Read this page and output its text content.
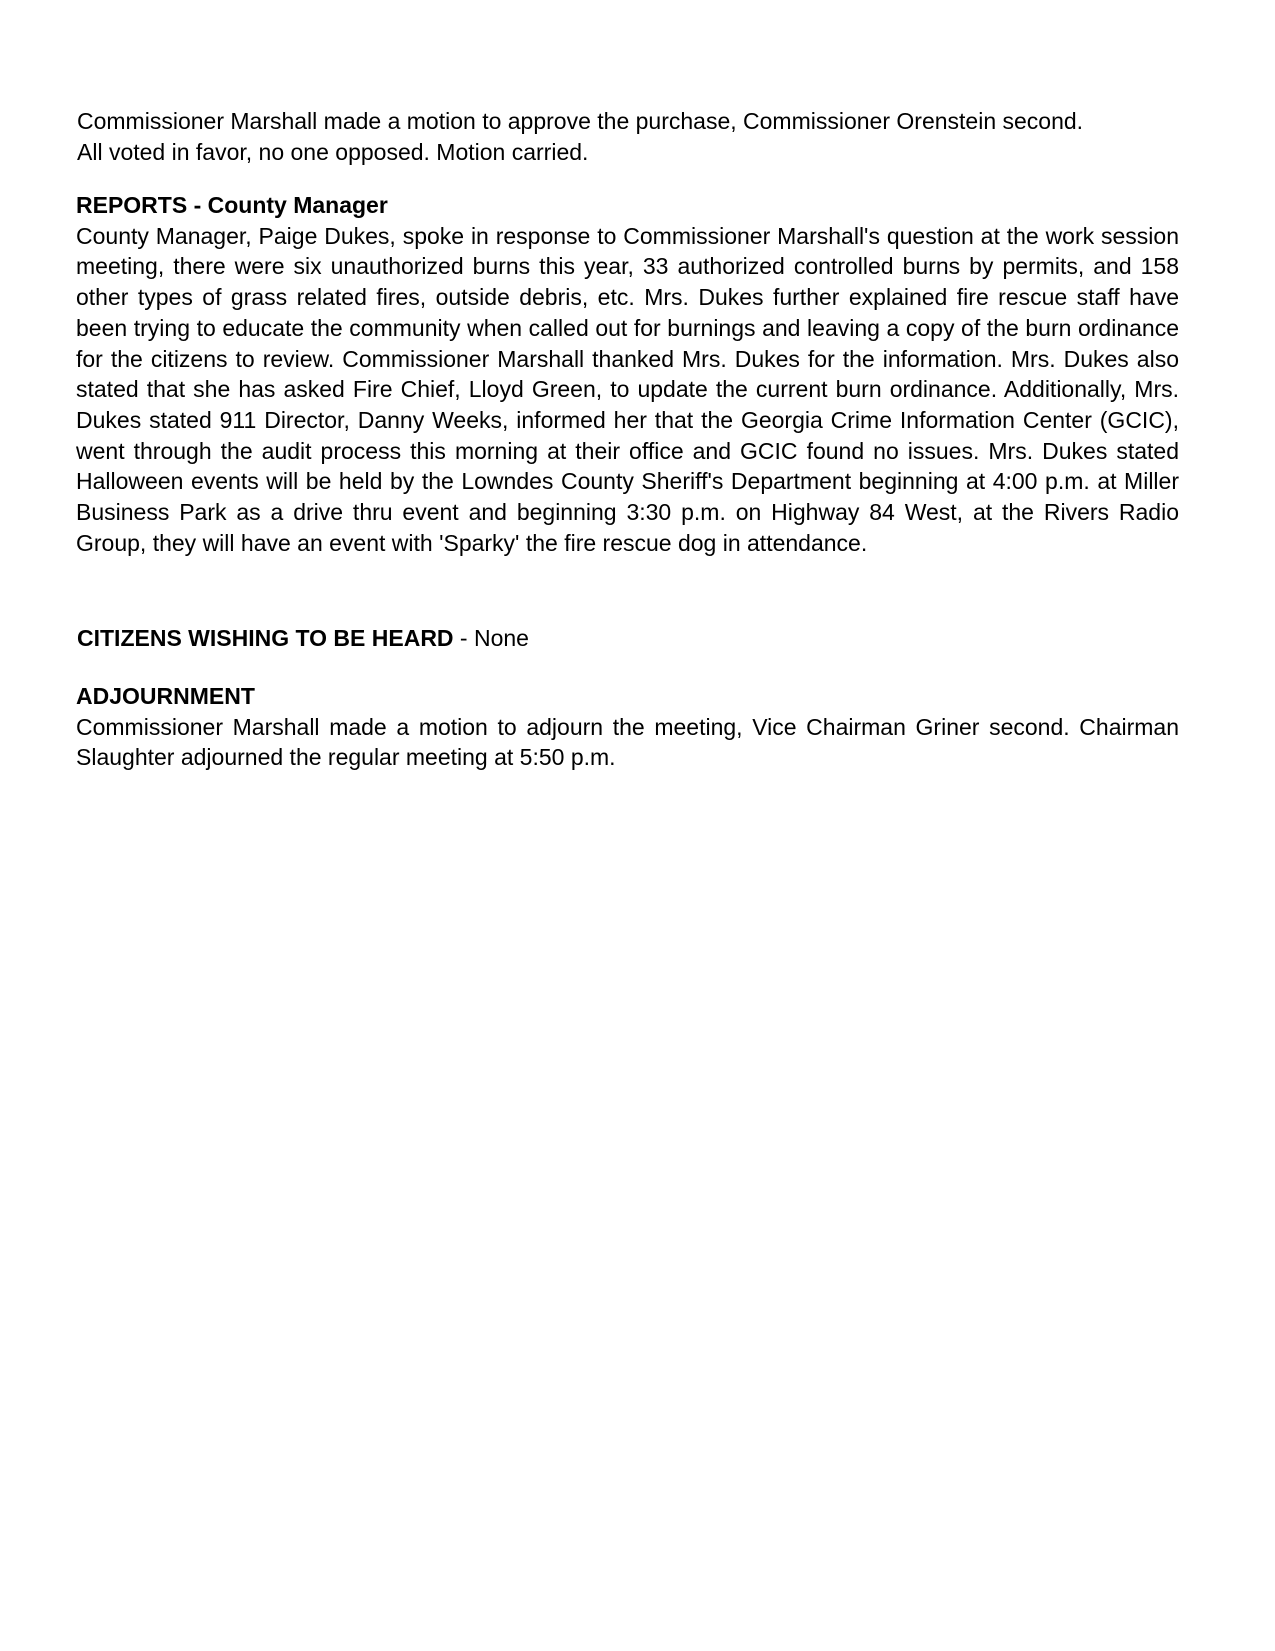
Commissioner Marshall made a motion to approve the purchase, Commissioner Orenstein second.

All voted in favor, no one opposed. Motion carried.

REPORTS - County Manager

County Manager, Paige Dukes, spoke in response to Commissioner Marshall's question at the work session meeting, there were six unauthorized burns this year, 33 authorized controlled burns by permits, and 158 other types of grass related fires, outside debris, etc. Mrs. Dukes further explained fire rescue staff have been trying to educate the community when called out for burnings and leaving a copy of the burn ordinance for the citizens to review. Commissioner Marshall thanked Mrs. Dukes for the information. Mrs. Dukes also stated that she has asked Fire Chief, Lloyd Green, to update the current burn ordinance. Additionally, Mrs. Dukes stated 911 Director, Danny Weeks, informed her that the Georgia Crime Information Center (GCIC), went through the audit process this morning at their office and GCIC found no issues. Mrs. Dukes stated Halloween events will be held by the Lowndes County Sheriff's Department beginning at 4:00 p.m. at Miller Business Park as a drive thru event and beginning 3:30 p.m. on Highway 84 West, at the Rivers Radio Group, they will have an event with 'Sparky' the fire rescue dog in attendance.

CITIZENS WISHING TO BE HEARD - None

ADJOURNMENT

Commissioner Marshall made a motion to adjourn the meeting, Vice Chairman Griner second. Chairman Slaughter adjourned the regular meeting at 5:50 p.m.
